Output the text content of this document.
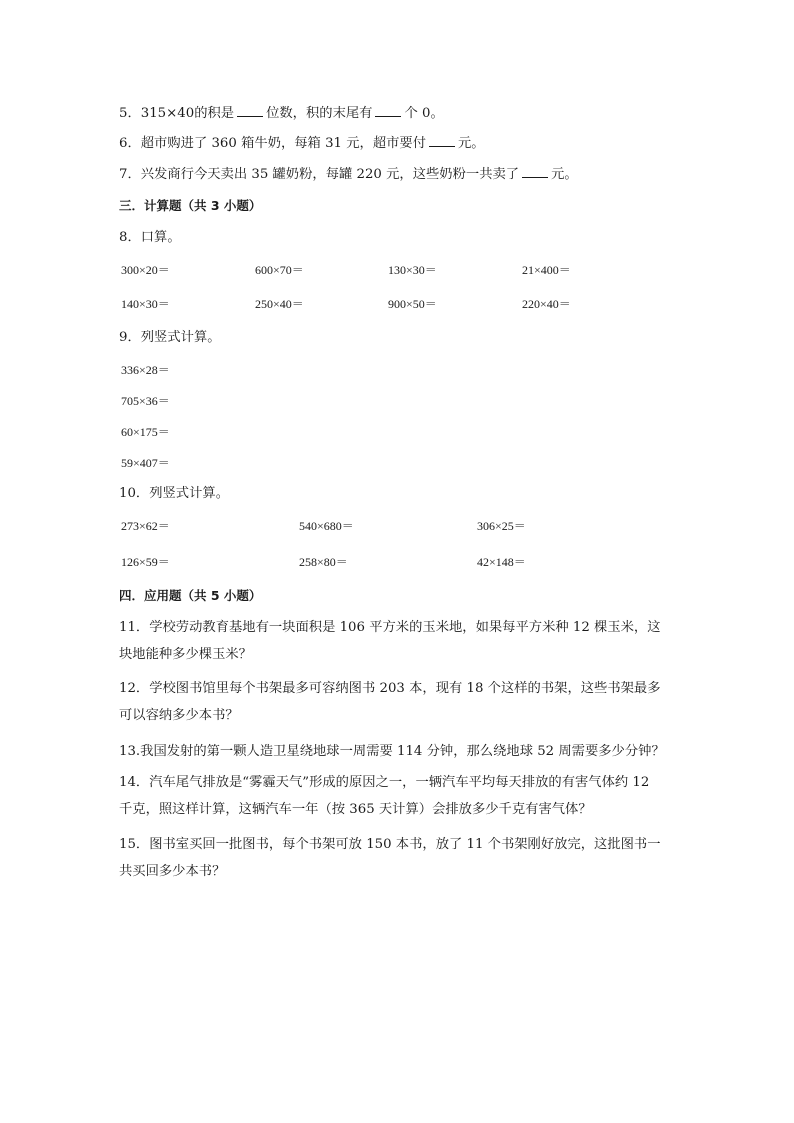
5．315×40的积是 位数，积的末尾有 个 0。
6．超市购进了 360 箱牛奶，每箱 31 元，超市要付 元。
7．兴发商行今天卖出 35 罐奶粉，每罐 220 元，这些奶粉一共卖了 元。
三．计算题（共 3 小题）
8．口算。
300×20＝	600×70＝	130×30＝	21×400＝
140×30＝	250×40＝	900×50＝	220×40＝
9．列竖式计算。
336×28＝
705×36＝
60×175＝
59×407＝
10．列竖式计算。
273×62＝	540×680＝	306×25＝
126×59＝	258×80＝	42×148＝
四．应用题（共 5 小题）
11．学校劳动教育基地有一块面积是 106 平方米的玉米地，如果每平方米种 12 棵玉米，这
块地能种多少棵玉米？
12．学校图书馆里每个书架最多可容纳图书 203 本，现有 18 个这样的书架，这些书架最多
可以容纳多少本书？
13.我国发射的第一颗人造卫星绕地球一周需要 114 分钟，那么绕地球 52 周需要多少分钟？
14．汽车尾气排放是“雾霾天气”形成的原因之一，一辆汽车平均每天排放的有害气体约 12
千克，照这样计算，这辆汽车一年（按 365 天计算）会排放多少千克有害气体？
15．图书室买回一批图书，每个书架可放 150 本书，放了 11 个书架刚好放完，这批图书一
共买回多少本书？
